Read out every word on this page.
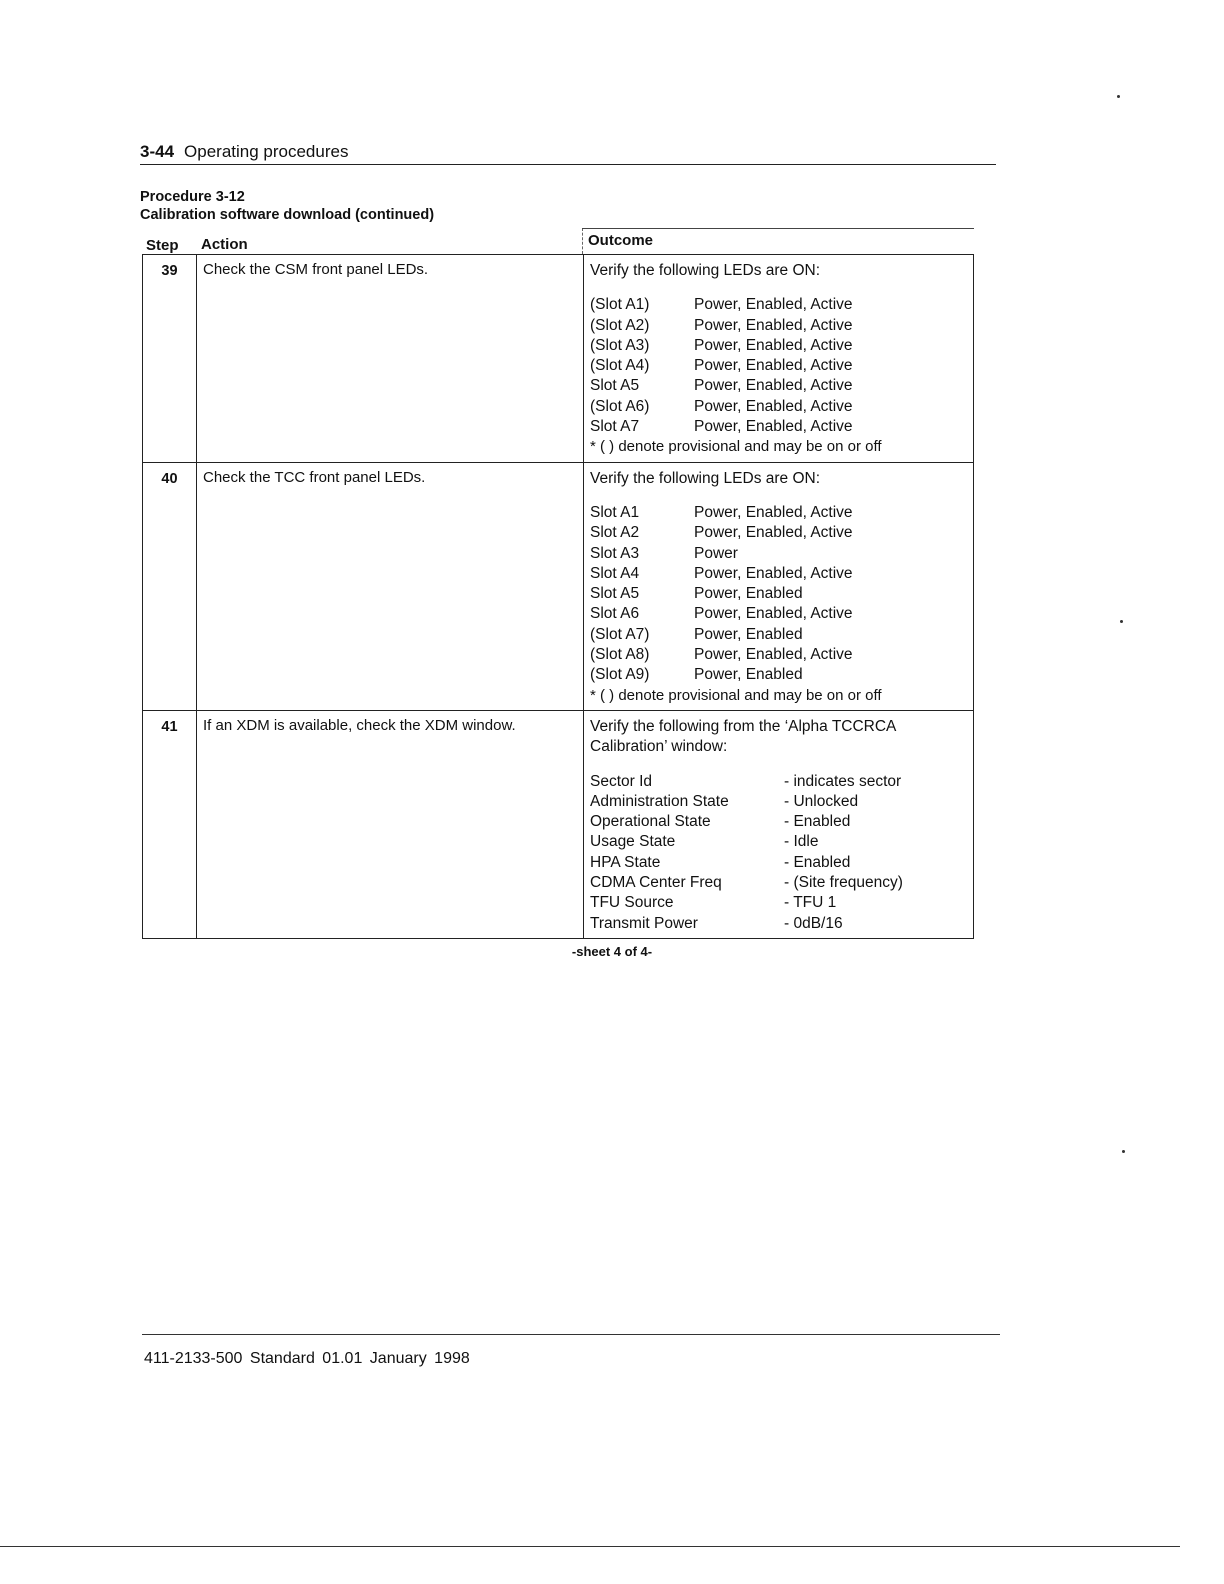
3-44 Operating procedures
Procedure 3-12
Calibration software download (continued)
Step Action	Outcome
39	Check the CSM front panel LEDs.	Verify the following LEDs are ON:
(Slot A1)	Power, Enabled, Active
(Slot A2)	Power, Enabled, Active
(Slot A3)	Power, Enabled, Active
(Slot A4)	Power, Enabled, Active
Slot A5	Power, Enabled, Active
(Slot A6)	Power, Enabled, Active
Slot A7	Power, Enabled, Active
* ( ) denote provisional and may be on or off
40	Check the TCC front panel LEDs.	Verify the following LEDs are ON:
Slot A1	Power, Enabled, Active
Slot A2	Power, Enabled, Active
Slot A3	Power
Slot A4	Power, Enabled, Active
Slot A5	Power, Enabled
Slot A6	Power, Enabled, Active
(Slot A7)	Power, Enabled
(Slot A8)	Power, Enabled, Active
(Slot A9)	Power, Enabled
* ( ) denote provisional and may be on or off
41	If an XDM is available, check the XDM window.	Verify the following from the ‘Alpha TCCRCA
Calibration’ window:
Sector Id	- indicates sector
Administration State	- Unlocked
Operational State	- Enabled
Usage State	- Idle
HPA State	- Enabled
CDMA Center Freq	- (Site frequency)
TFU Source	- TFU 1
Transmit Power	- 0dB/16
-sheet 4 of 4-
411-2133-500 Standard 01.01 January 1998
